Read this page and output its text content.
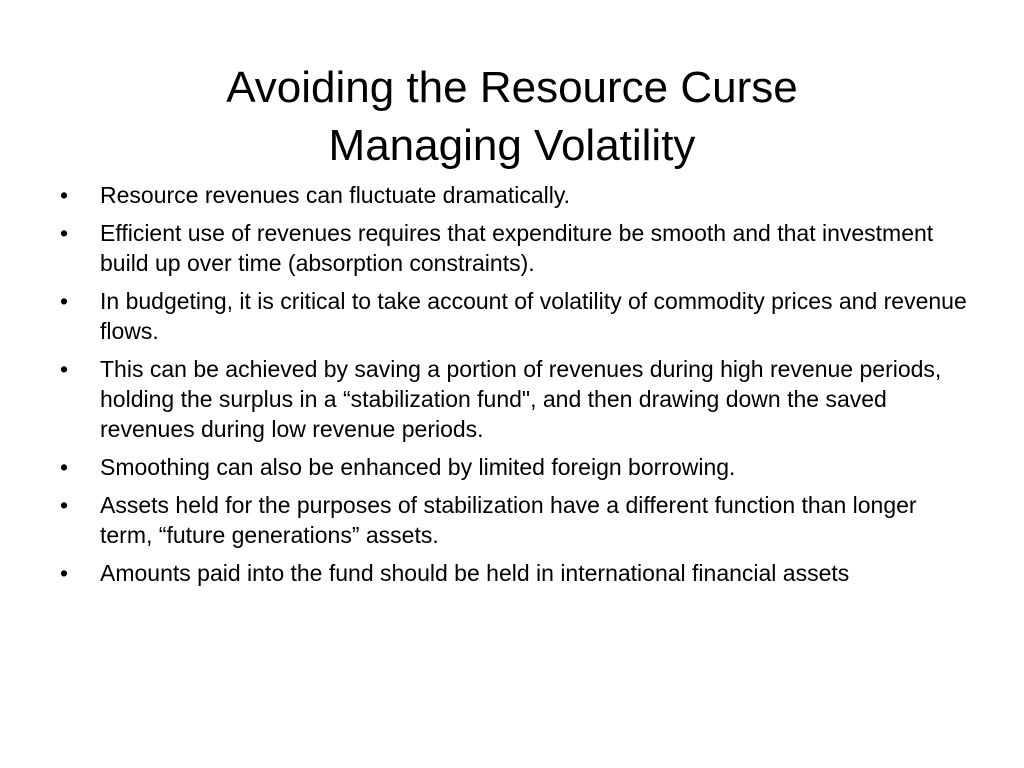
Avoiding the Resource Curse
Managing Volatility
•	Resource revenues can fluctuate dramatically.
•	Efficient use of revenues requires that expenditure be smooth and that investment build up over time (absorption constraints).
•	In budgeting, it is critical to take account of volatility of commodity prices and revenue flows.
•	This can be achieved by saving a portion of revenues during high revenue periods, holding the surplus in a “stabilization fund", and then drawing down the saved revenues during low revenue periods.
•	Smoothing can also be enhanced by limited foreign borrowing.
•	Assets held for the purposes of stabilization have a different function than longer term, “future generations” assets.
•	Amounts paid into the fund should be held in international financial assets
